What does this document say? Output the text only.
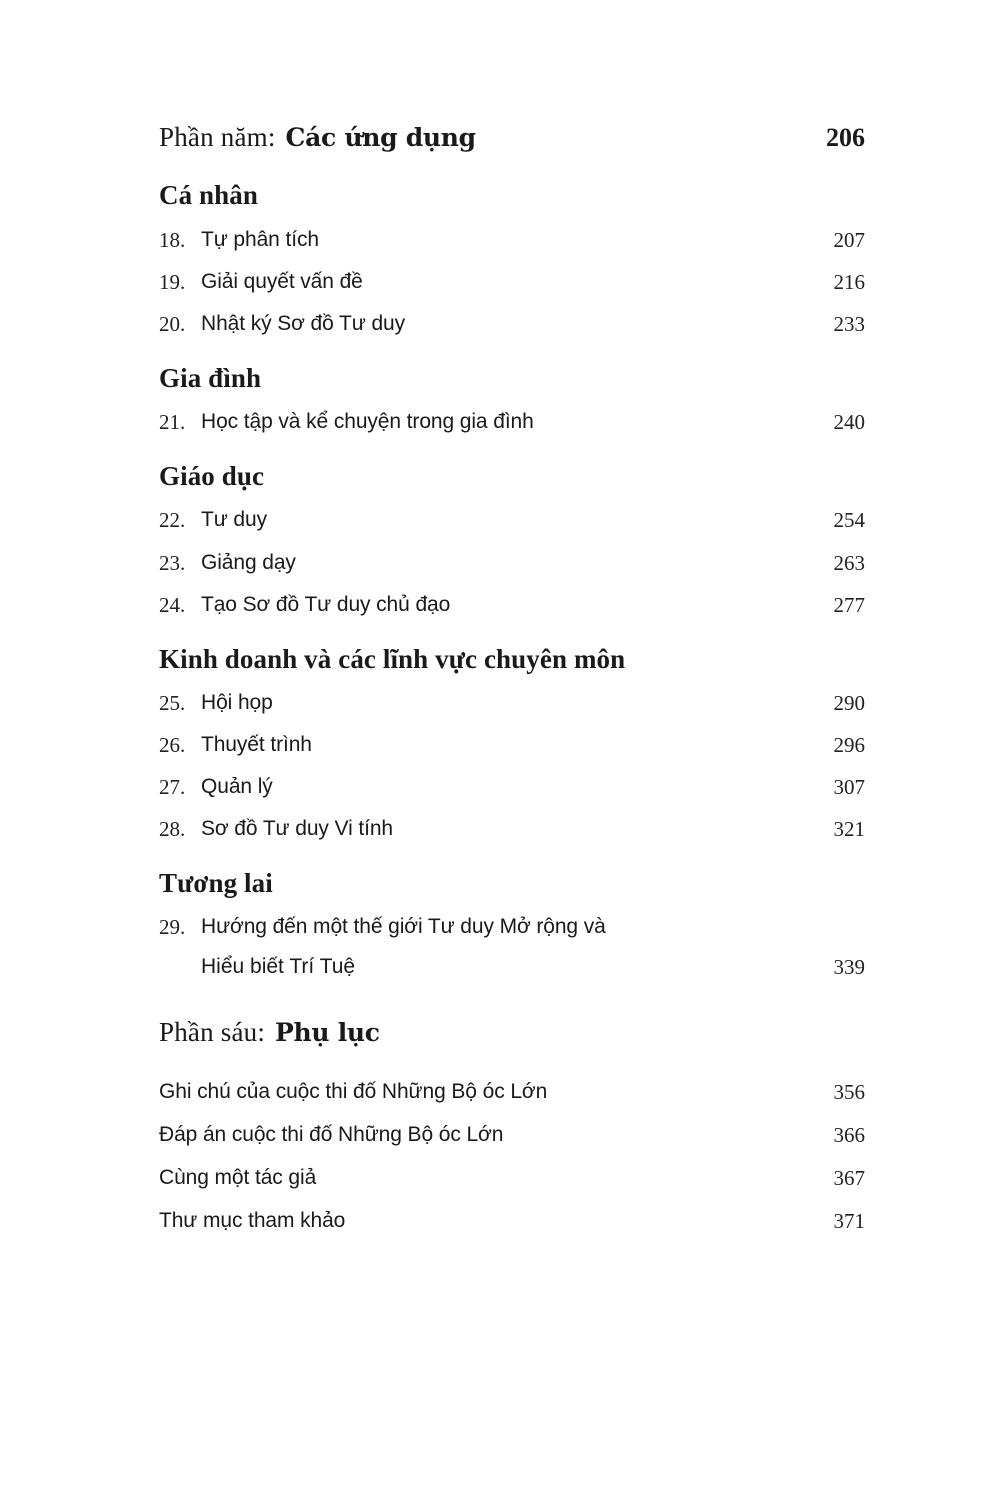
Phần năm: Các ứng dụng	206
Cá nhân
18. Tự phân tích	207
19. Giải quyết vấn đề	216
20. Nhật ký Sơ đồ Tư duy	233
Gia đình
21. Học tập và kể chuyện trong gia đình	240
Giáo dục
22. Tư duy	254
23. Giảng dạy	263
24. Tạo Sơ đồ Tư duy chủ đạo	277
Kinh doanh và các lĩnh vực chuyên môn
25. Hội họp	290
26. Thuyết trình	296
27. Quản lý	307
28. Sơ đồ Tư duy Vi tính	321
Tương lai
29. Hướng đến một thế giới Tư duy Mở rộng và
Hiểu biết Trí Tuệ	339
Phần sáu: Phụ lục
Ghi chú của cuộc thi đố Những Bộ óc Lớn	356
Đáp án cuộc thi đố Những Bộ óc Lớn	366
Cùng một tác giả	367
Thư mục tham khảo	371
